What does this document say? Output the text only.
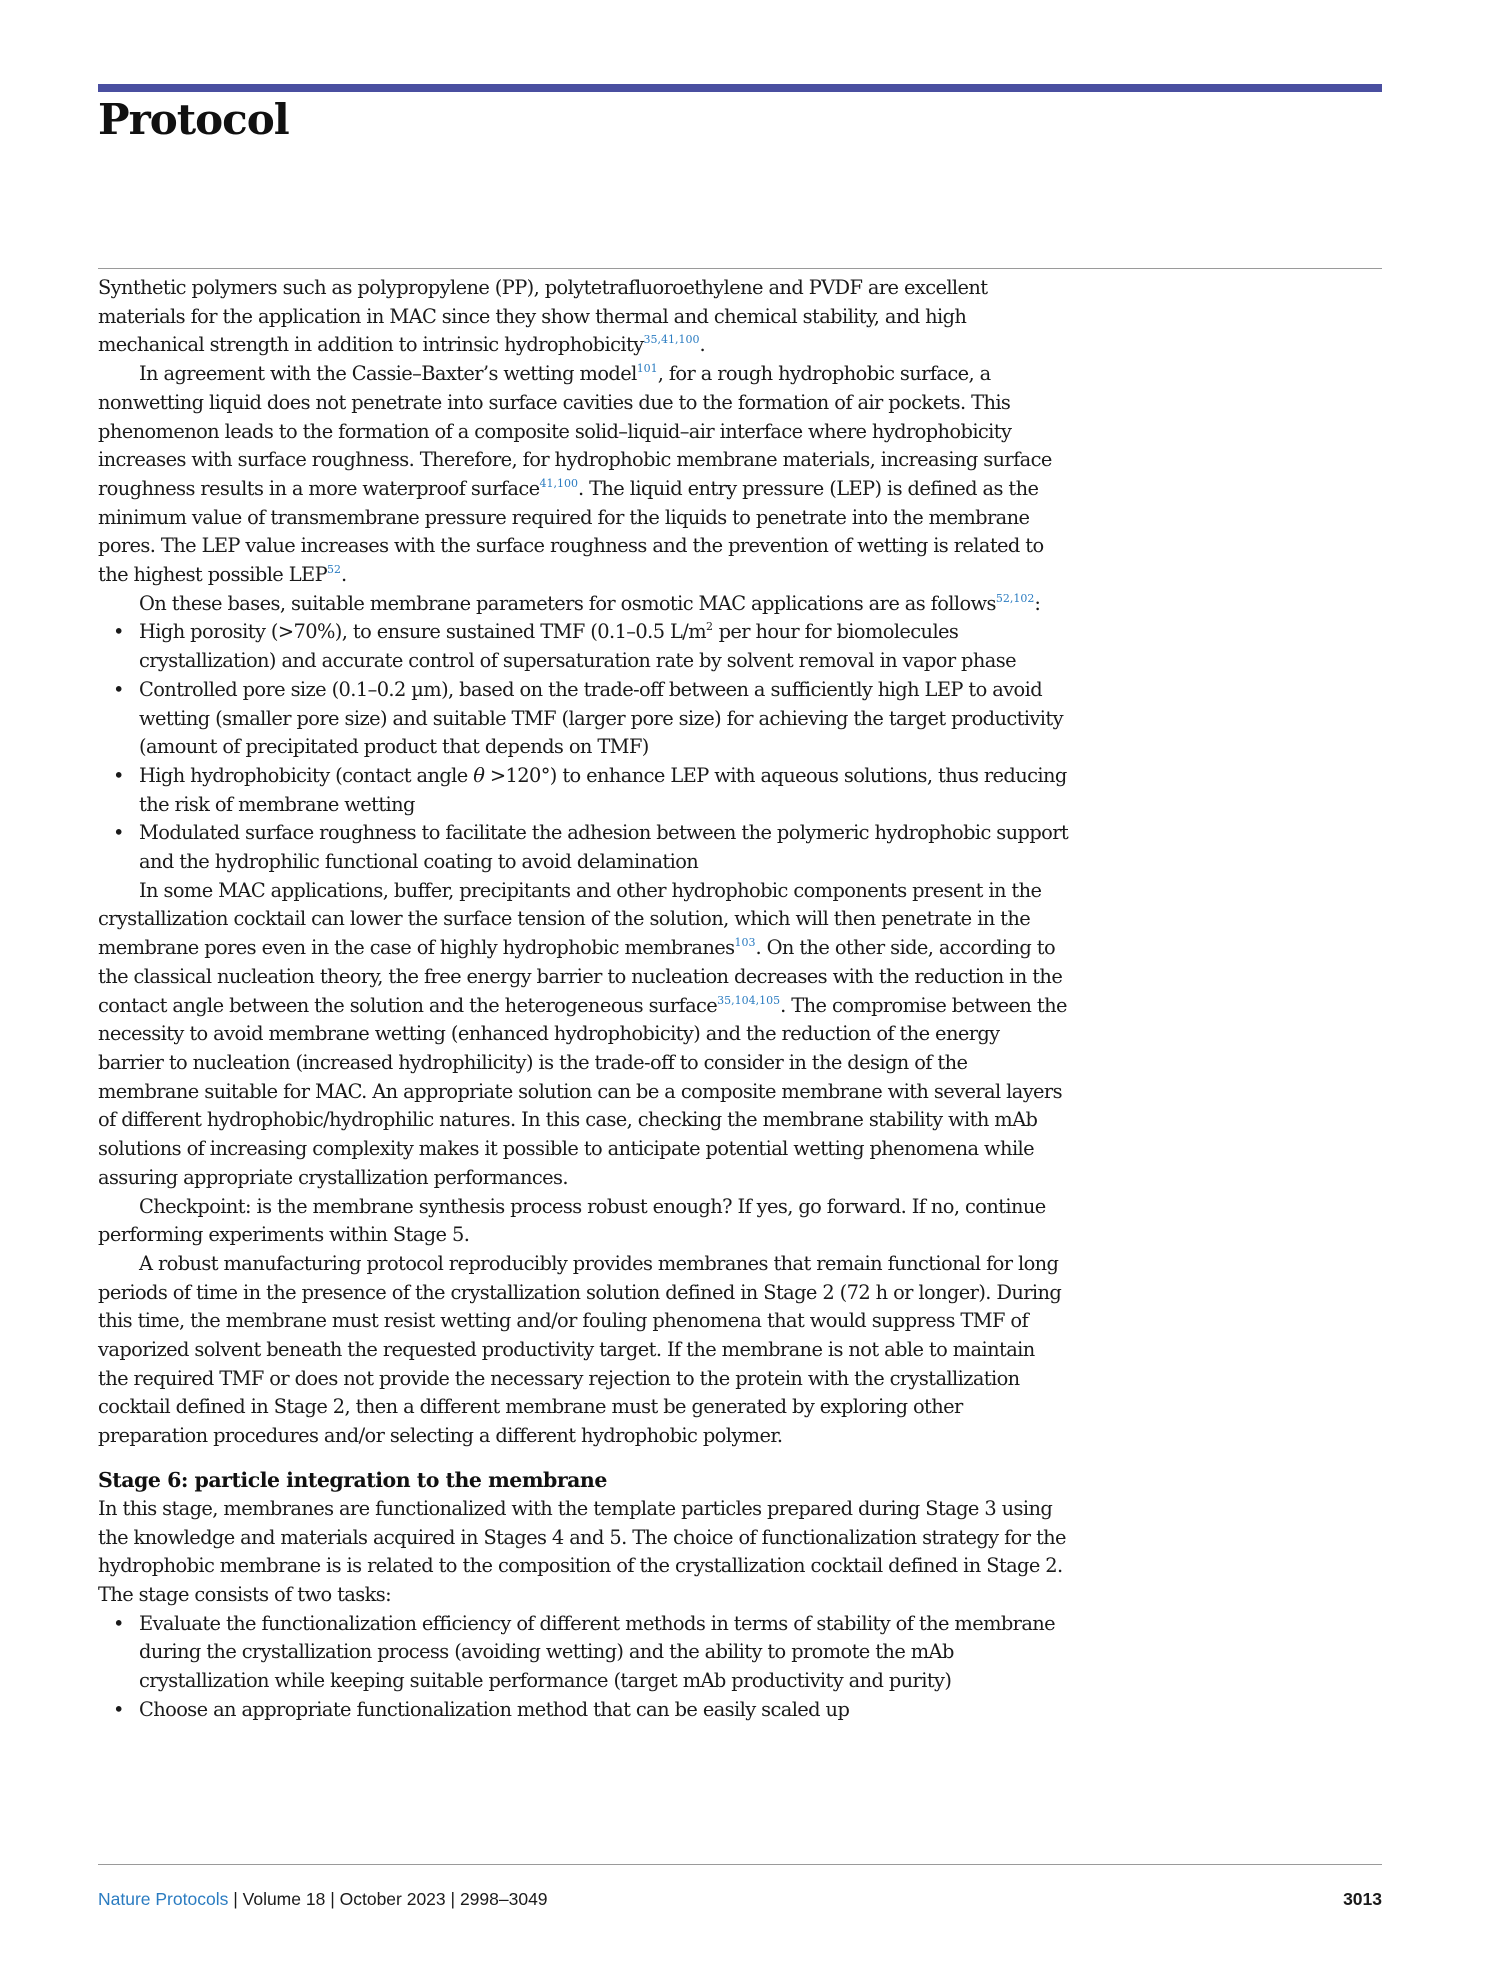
Protocol

Synthetic polymers such as polypropylene (PP), polytetrafluoroethylene and PVDF are excellent materials for the application in MAC since they show thermal and chemical stability, and high mechanical strength in addition to intrinsic hydrophobicity$^{35,41,100}$.

In agreement with the Cassie–Baxter’s wetting model$^{101}$, for a rough hydrophobic surface, a nonwetting liquid does not penetrate into surface cavities due to the formation of air pockets. This phenomenon leads to the formation of a composite solid–liquid–air interface where hydrophobicity increases with surface roughness. Therefore, for hydrophobic membrane materials, increasing surface roughness results in a more waterproof surface$^{41,100}$. The liquid entry pressure (LEP) is defined as the minimum value of transmembrane pressure required for the liquids to penetrate into the membrane pores. The LEP value increases with the surface roughness and the prevention of wetting is related to the highest possible LEP$^{52}$.

On these bases, suitable membrane parameters for osmotic MAC applications are as follows$^{52,102}$:

• High porosity (>70%), to ensure sustained TMF (0.1–0.5 $L/m^2$ per hour for biomolecules crystallization) and accurate control of supersaturation rate by solvent removal in vapor phase
• Controlled pore size (0.1–0.2 µm), based on the trade-off between a sufficiently high LEP to avoid wetting (smaller pore size) and suitable TMF (larger pore size) for achieving the target productivity (amount of precipitated product that depends on TMF)
• High hydrophobicity (contact angle θ >120°) to enhance LEP with aqueous solutions, thus reducing the risk of membrane wetting
• Modulated surface roughness to facilitate the adhesion between the polymeric hydrophobic support and the hydrophilic functional coating to avoid delamination

In some MAC applications, buffer, precipitants and other hydrophobic components present in the crystallization cocktail can lower the surface tension of the solution, which will then penetrate in the membrane pores even in the case of highly hydrophobic membranes$^{103}$. On the other side, according to the classical nucleation theory, the free energy barrier to nucleation decreases with the reduction in the contact angle between the solution and the heterogeneous surface$^{35,104,105}$. The compromise between the necessity to avoid membrane wetting (enhanced hydrophobicity) and the reduction of the energy barrier to nucleation (increased hydrophilicity) is the trade-off to consider in the design of the membrane suitable for MAC. An appropriate solution can be a composite membrane with several layers of different hydrophobic/hydrophilic natures. In this case, checking the membrane stability with mAb solutions of increasing complexity makes it possible to anticipate potential wetting phenomena while assuring appropriate crystallization performances.

Checkpoint: is the membrane synthesis process robust enough? If yes, go forward. If no, continue performing experiments within Stage 5.

A robust manufacturing protocol reproducibly provides membranes that remain functional for long periods of time in the presence of the crystallization solution defined in Stage 2 (72 h or longer). During this time, the membrane must resist wetting and/or fouling phenomena that would suppress TMF of vaporized solvent beneath the requested productivity target. If the membrane is not able to maintain the required TMF or does not provide the necessary rejection to the protein with the crystallization cocktail defined in Stage 2, then a different membrane must be generated by exploring other preparation procedures and/or selecting a different hydrophobic polymer.

Stage 6: particle integration to the membrane

In this stage, membranes are functionalized with the template particles prepared during Stage 3 using the knowledge and materials acquired in Stages 4 and 5. The choice of functionalization strategy for the hydrophobic membrane is is related to the composition of the crystallization cocktail defined in Stage 2. The stage consists of two tasks:

• Evaluate the functionalization efficiency of different methods in terms of stability of the membrane during the crystallization process (avoiding wetting) and the ability to promote the mAb crystallization while keeping suitable performance (target mAb productivity and purity)
• Choose an appropriate functionalization method that can be easily scaled up
Nature Protocols | Volume 18 | October 2023 | 2998–3049	3013
